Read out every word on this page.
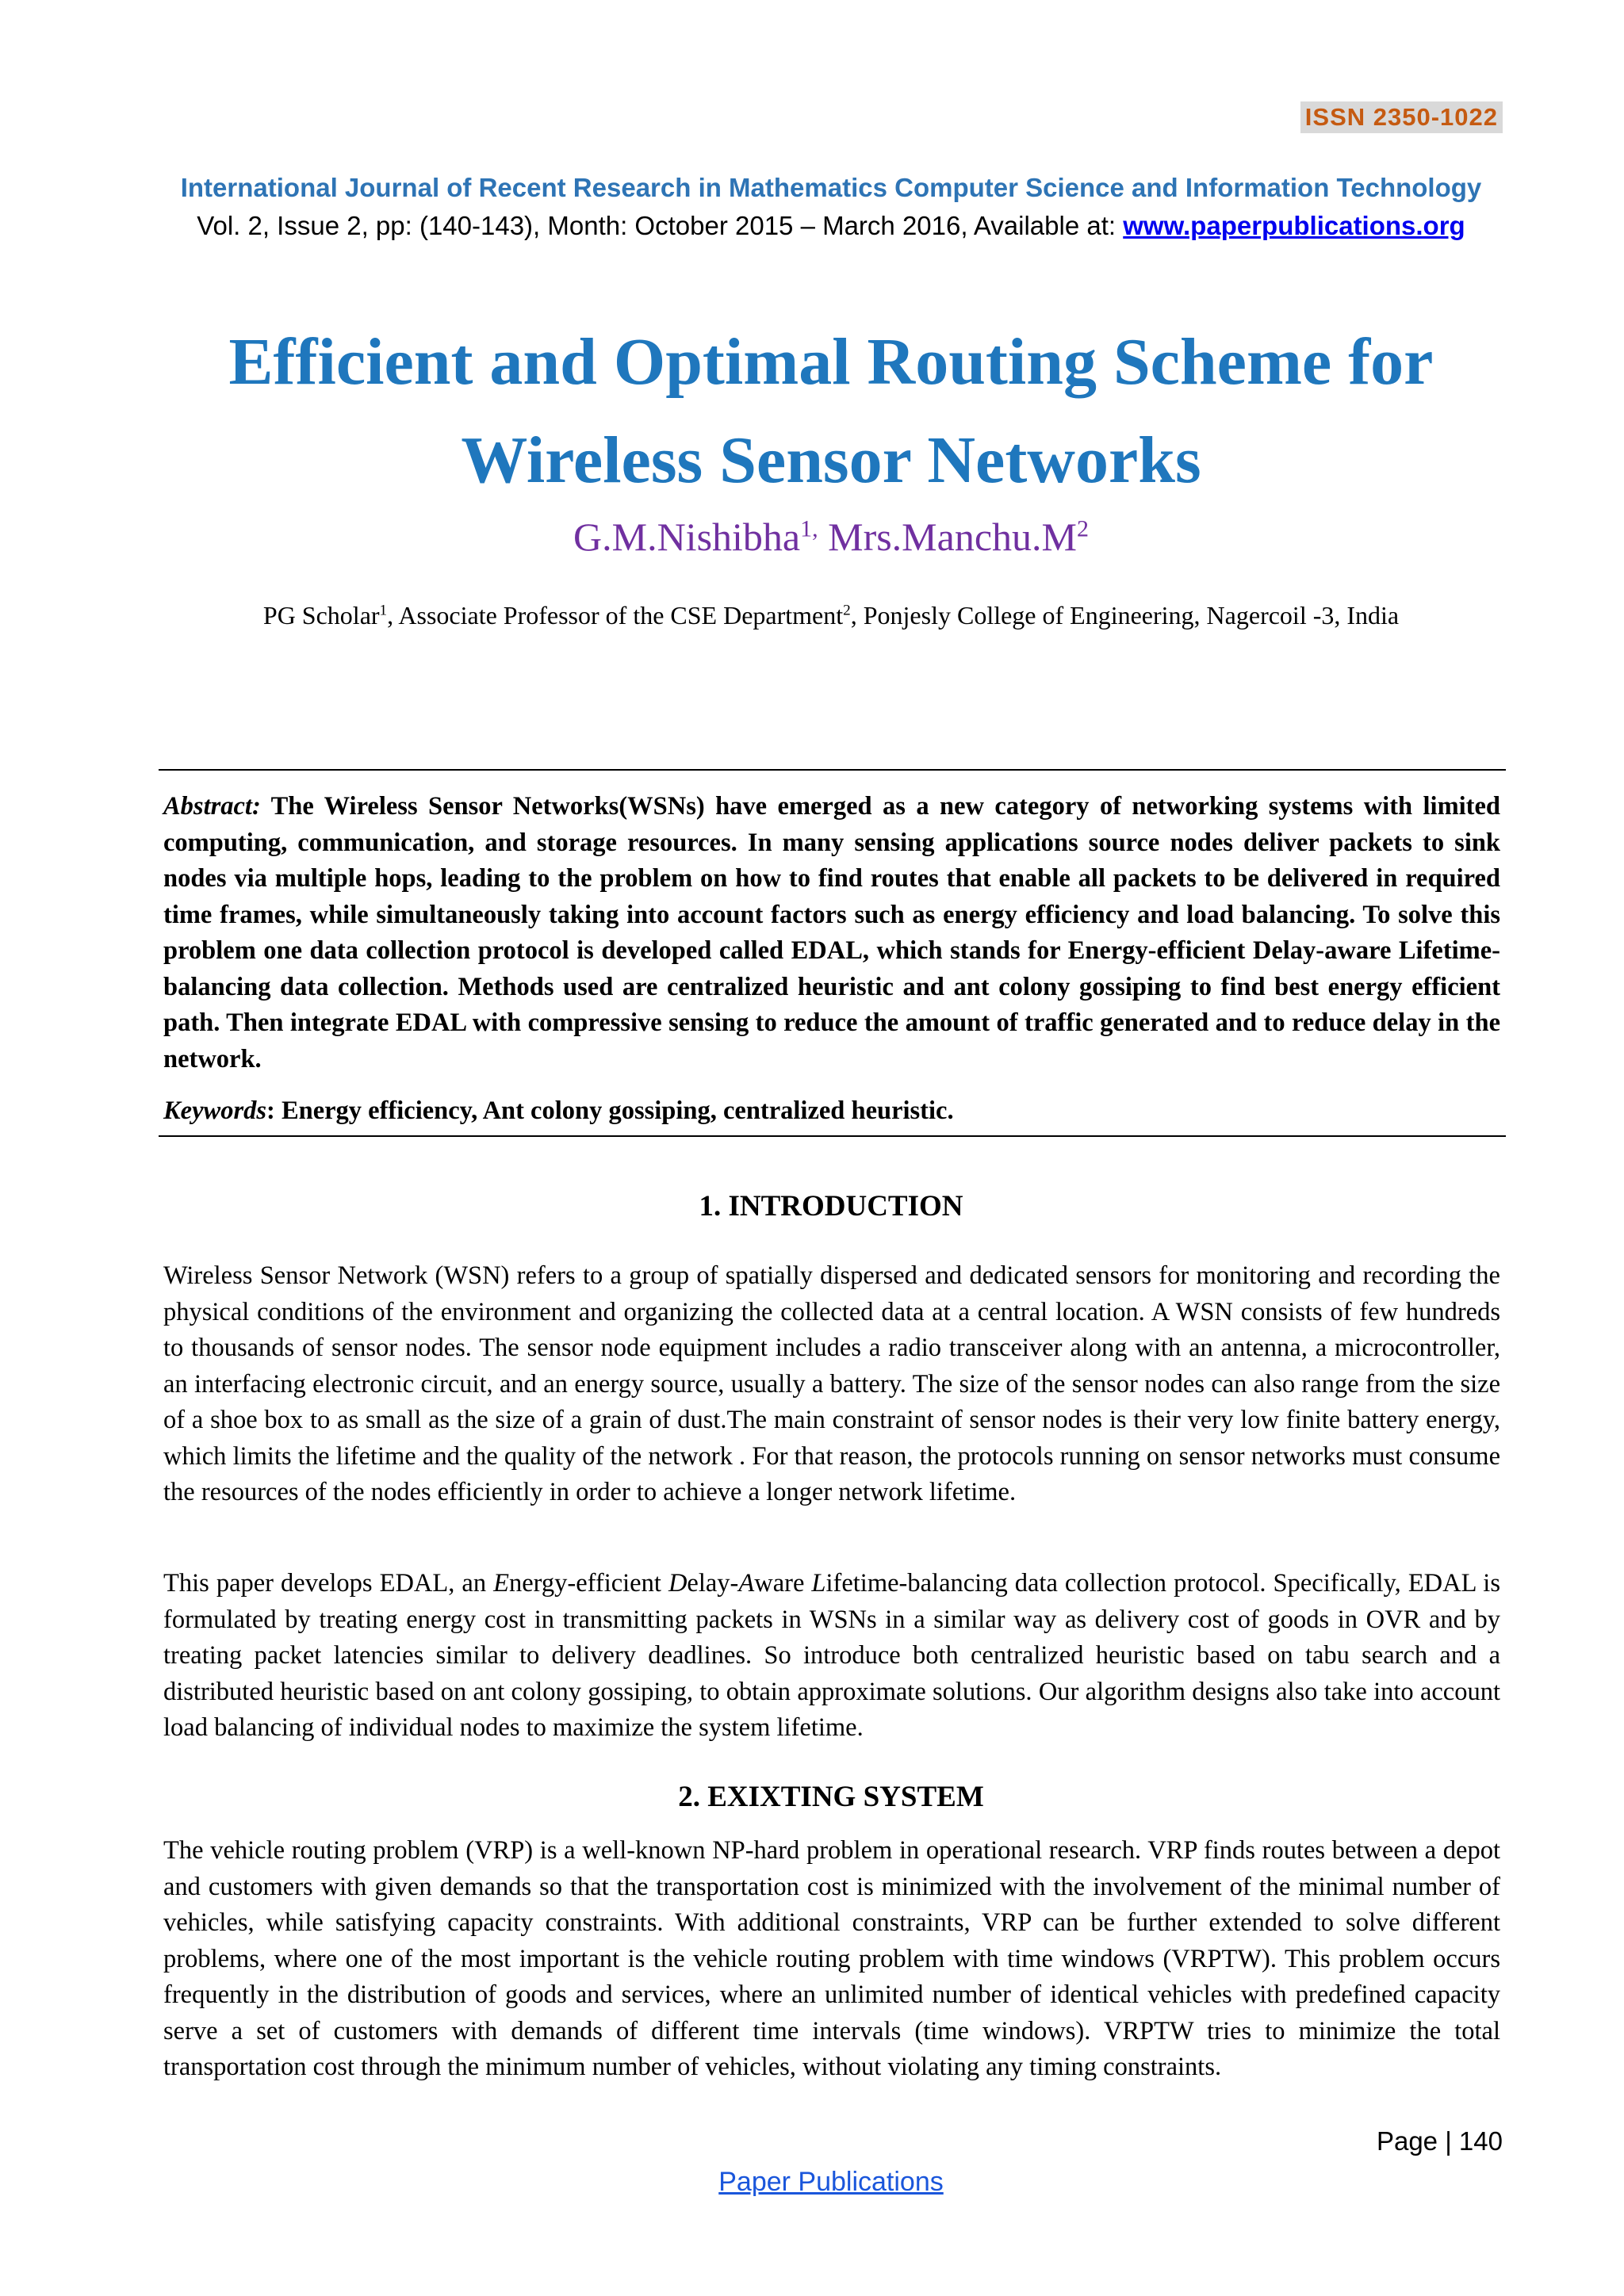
ISSN 2350-1022
International Journal of Recent Research in Mathematics Computer Science and Information Technology
Vol. 2, Issue 2, pp: (140-143), Month: October 2015 – March 2016, Available at: www.paperpublications.org
Efficient and Optimal Routing Scheme for
Wireless Sensor Networks
G.M.Nishibha$^{1,}$ $Mrs.Manchu.M^2$
PG Scholar$^1$, Associate Professor of the CSE Department$^2$, Ponjesly College of Engineering, Nagercoil -3, India
Abstract: The Wireless Sensor Networks(WSNs) have emerged as a new category of networking systems with limited computing, communication, and storage resources. In many sensing applications source nodes deliver packets to sink nodes via multiple hops, leading to the problem on how to find routes that enable all packets to be delivered in required time frames, while simultaneously taking into account factors such as energy efficiency and load balancing. To solve this problem one data collection protocol is developed called EDAL, which stands for Energy-efficient Delay-aware Lifetime-balancing data collection. Methods used are centralized heuristic and ant colony gossiping to find best energy efficient path. Then integrate EDAL with compressive sensing to reduce the amount of traffic generated and to reduce delay in the network.
Keywords: Energy efficiency, Ant colony gossiping, centralized heuristic.
1. INTRODUCTION
Wireless Sensor Network (WSN) refers to a group of spatially dispersed and dedicated sensors for monitoring and recording the physical conditions of the environment and organizing the collected data at a central location. A WSN consists of few hundreds to thousands of sensor nodes. The sensor node equipment includes a radio transceiver along with an antenna, a microcontroller, an interfacing electronic circuit, and an energy source, usually a battery. The size of the sensor nodes can also range from the size of a shoe box to as small as the size of a grain of dust.The main constraint of sensor nodes is their very low finite battery energy, which limits the lifetime and the quality of the network . For that reason, the protocols running on sensor networks must consume the resources of the nodes efficiently in order to achieve a longer network lifetime.
This paper develops EDAL, an Energy-efficient Delay-Aware Lifetime-balancing data collection protocol. Specifically, EDAL is formulated by treating energy cost in transmitting packets in WSNs in a similar way as delivery cost of goods in OVR and by treating packet latencies similar to delivery deadlines. So introduce both centralized heuristic based on tabu search and a distributed heuristic based on ant colony gossiping, to obtain approximate solutions. Our algorithm designs also take into account load balancing of individual nodes to maximize the system lifetime.
2. EXIXTING SYSTEM
The vehicle routing problem (VRP) is a well-known NP-hard problem in operational research. VRP finds routes between a depot and customers with given demands so that the transportation cost is minimized with the involvement of the minimal number of vehicles, while satisfying capacity constraints. With additional constraints, VRP can be further extended to solve different problems, where one of the most important is the vehicle routing problem with time windows (VRPTW). This problem occurs frequently in the distribution of goods and services, where an unlimited number of identical vehicles with predefined capacity serve a set of customers with demands of different time intervals (time windows). VRPTW tries to minimize the total transportation cost through the minimum number of vehicles, without violating any timing constraints.
Page | 140
Paper Publications
